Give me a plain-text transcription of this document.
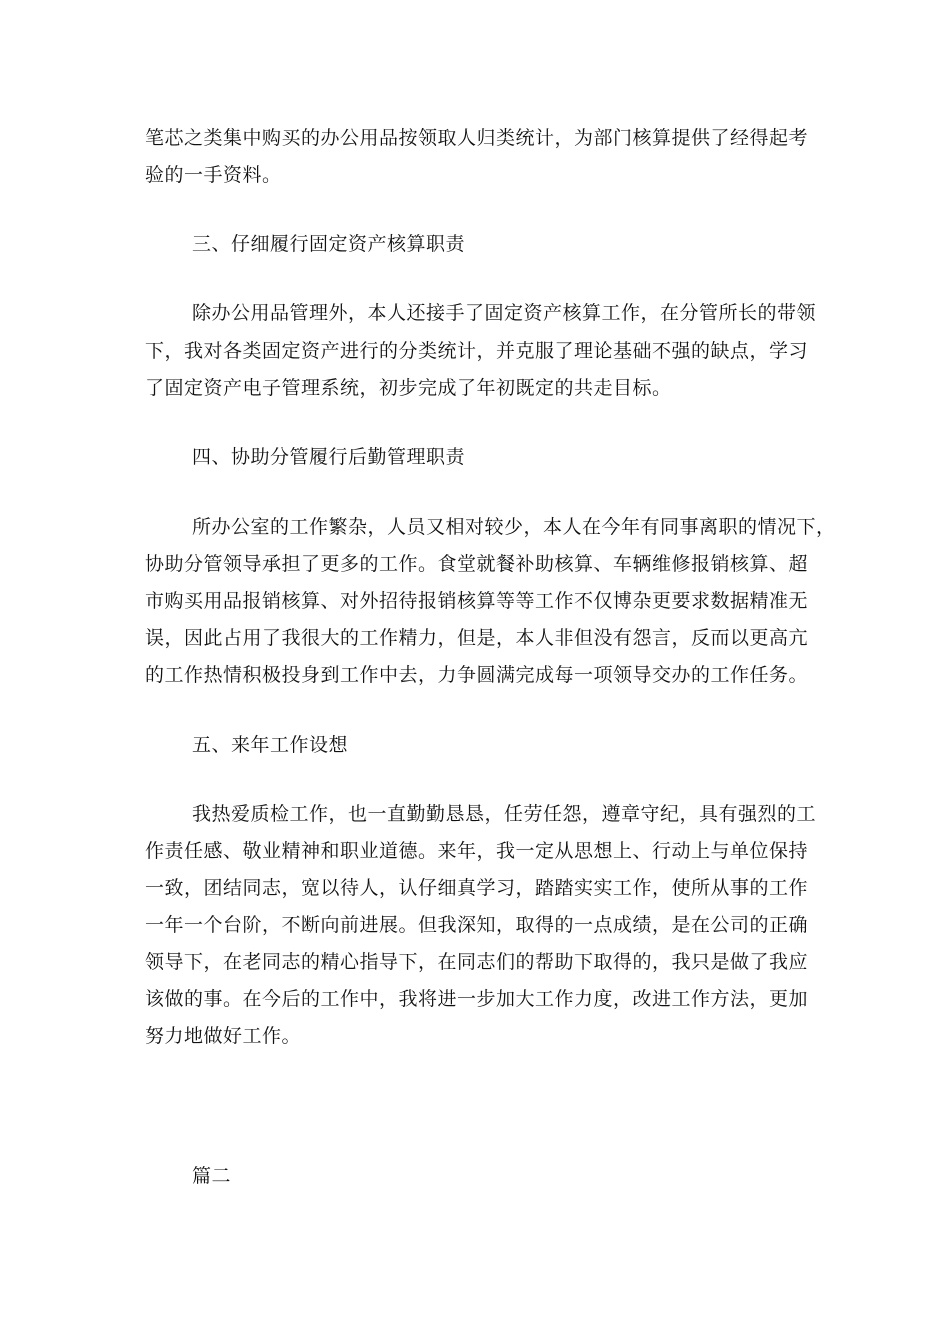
笔芯之类集中购买的办公用品按领取人归类统计，为部门核算提供了经得起考
验的一手资料。
三、仔细履行固定资产核算职责
除办公用品管理外，本人还接手了固定资产核算工作，在分管所长的带领
下，我对各类固定资产进行的分类统计，并克服了理论基础不强的缺点，学习
了固定资产电子管理系统，初步完成了年初既定的共走目标。
四、协助分管履行后勤管理职责
所办公室的工作繁杂，人员又相对较少，本人在今年有同事离职的情况下，
协助分管领导承担了更多的工作。食堂就餐补助核算、车辆维修报销核算、超
市购买用品报销核算、对外招待报销核算等等工作不仅博杂更要求数据精准无
误，因此占用了我很大的工作精力，但是，本人非但没有怨言，反而以更高亢
的工作热情积极投身到工作中去，力争圆满完成每一项领导交办的工作任务。
五、来年工作设想
我热爱质检工作，也一直勤勤恳恳，任劳任怨，遵章守纪，具有强烈的工
作责任感、敬业精神和职业道德。来年，我一定从思想上、行动上与单位保持
一致，团结同志，宽以待人，认仔细真学习，踏踏实实工作，使所从事的工作
一年一个台阶，不断向前进展。但我深知，取得的一点成绩，是在公司的正确
领导下，在老同志的精心指导下，在同志们的帮助下取得的，我只是做了我应
该做的事。在今后的工作中，我将进一步加大工作力度，改进工作方法，更加
努力地做好工作。
篇二
